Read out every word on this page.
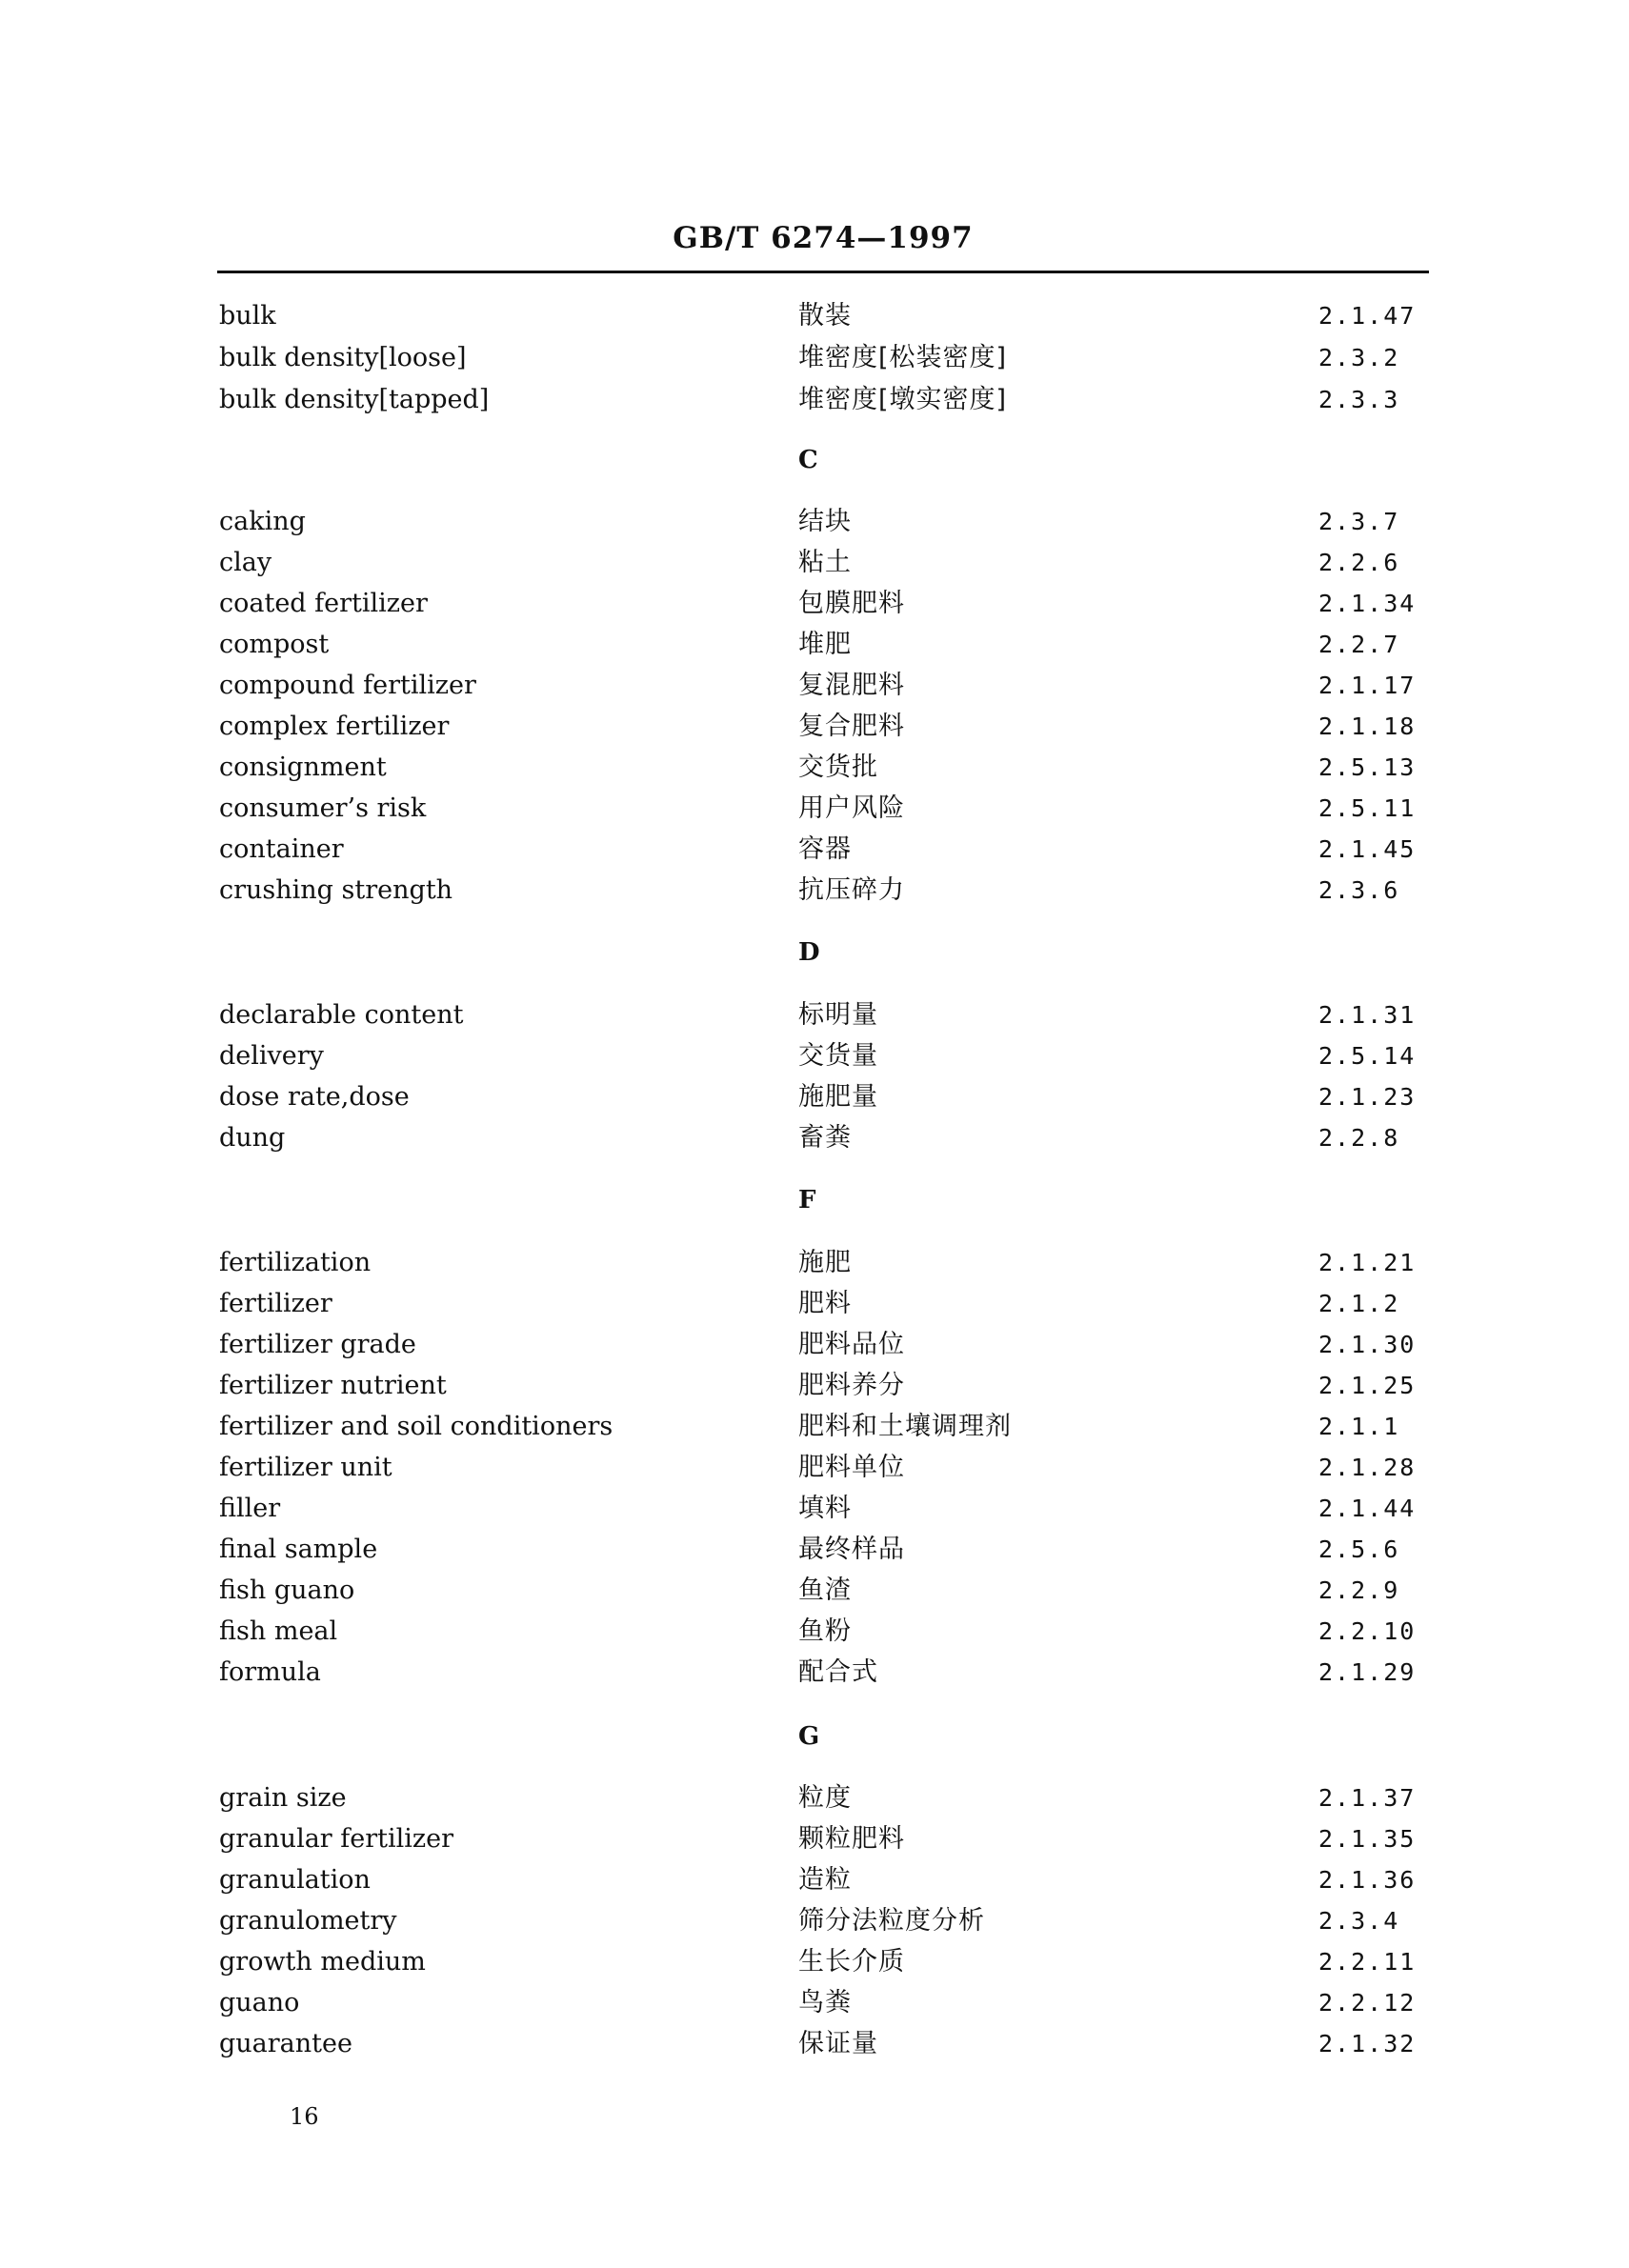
GB/T 6274—1997
bulk	散装	2.1.47
bulk density[loose]	堆密度[松装密度]	2.3.2
bulk density[tapped]	堆密度[墩实密度]	2.3.3
C
caking	结块	2.3.7
clay	粘土	2.2.6
coated fertilizer	包膜肥料	2.1.34
compost	堆肥	2.2.7
compound fertilizer	复混肥料	2.1.17
complex fertilizer	复合肥料	2.1.18
consignment	交货批	2.5.13
consumer’s risk	用户风险	2.5.11
container	容器	2.1.45
crushing strength	抗压碎力	2.3.6
D
declarable content	标明量	2.1.31
delivery	交货量	2.5.14
dose rate,dose	施肥量	2.1.23
dung	畜粪	2.2.8
F
fertilization	施肥	2.1.21
fertilizer	肥料	2.1.2
fertilizer grade	肥料品位	2.1.30
fertilizer nutrient	肥料养分	2.1.25
fertilizer and soil conditioners	肥料和土壤调理剂	2.1.1
fertilizer unit	肥料单位	2.1.28
filler	填料	2.1.44
final sample	最终样品	2.5.6
fish guano	鱼渣	2.2.9
fish meal	鱼粉	2.2.10
formula	配合式	2.1.29
G
grain size	粒度	2.1.37
granular fertilizer	颗粒肥料	2.1.35
granulation	造粒	2.1.36
granulometry	筛分法粒度分析	2.3.4
growth medium	生长介质	2.2.11
guano	鸟粪	2.2.12
guarantee	保证量	2.1.32
16
